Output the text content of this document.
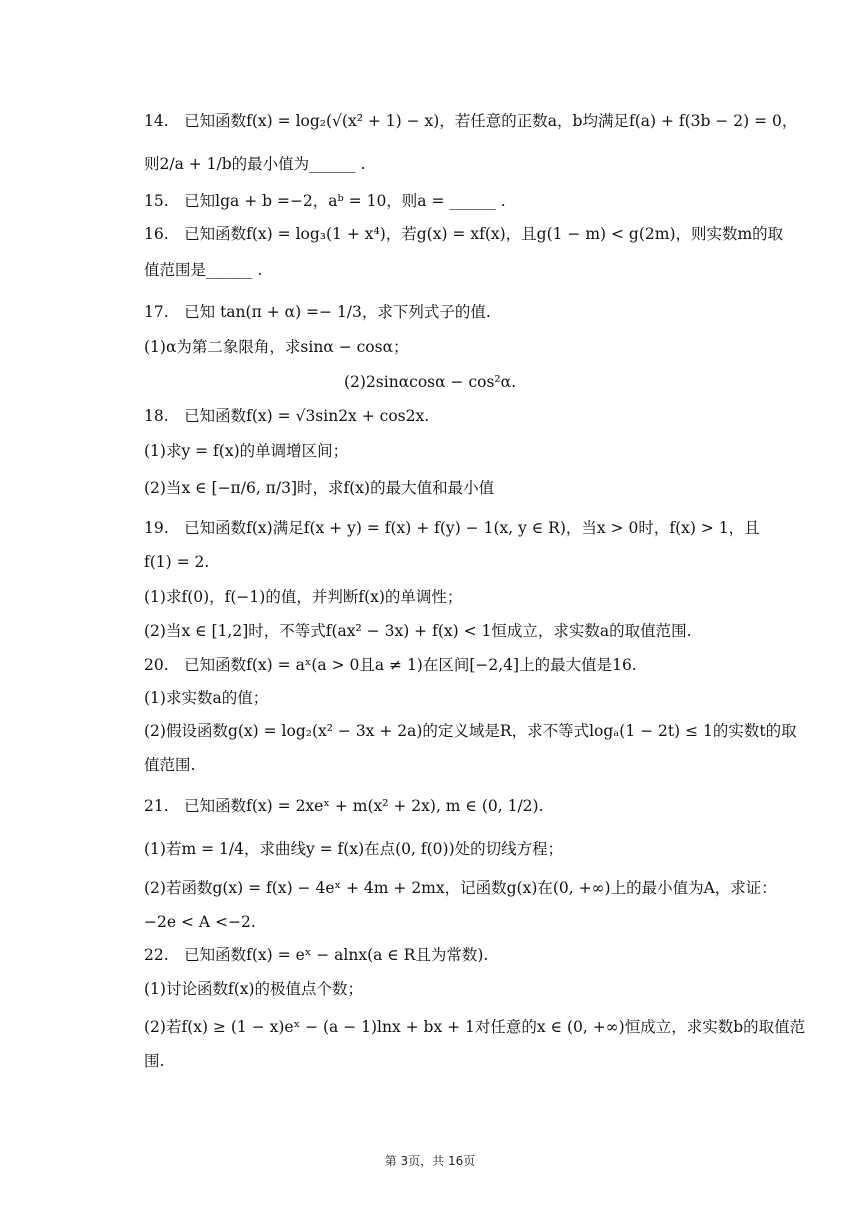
14.　已知函数f(x) = log₂(√(x² + 1) − x)，若任意的正数a，b均满足f(a) + f(3b − 2) = 0，
则2/a + 1/b的最小值为______ .
15.　已知lga + b =−2，aᵇ = 10，则a = ______ .
16.　已知函数f(x) = log₃(1 + x⁴)，若g(x) = xf(x)，且g(1 − m) < g(2m)，则实数m的取
值范围是______ .
17.　已知 tan(π + α) =− 1/3，求下列式子的值.
(1)α为第二象限角，求sinα − cosα；
(2)2sinαcosα − cos²α.
18.　已知函数f(x) = √3sin2x + cos2x.
(1)求y = f(x)的单调增区间；
(2)当x ∈ [−π/6, π/3]时，求f(x)的最大值和最小值
19.　已知函数f(x)满足f(x + y) = f(x) + f(y) − 1(x, y ∈ R)，当x > 0时，f(x) > 1，且
f(1) = 2.
(1)求f(0)，f(−1)的值，并判断f(x)的单调性；
(2)当x ∈ [1,2]时，不等式f(ax² − 3x) + f(x) < 1恒成立，求实数a的取值范围.
20.　已知函数f(x) = aˣ(a > 0且a ≠ 1)在区间[−2,4]上的最大值是16.
(1)求实数a的值；
(2)假设函数g(x) = log₂(x² − 3x + 2a)的定义域是R，求不等式logₐ(1 − 2t) ≤ 1的实数t的取
值范围.
21.　已知函数f(x) = 2xeˣ + m(x² + 2x), m ∈ (0, 1/2).
(1)若m = 1/4，求曲线y = f(x)在点(0, f(0))处的切线方程；
(2)若函数g(x) = f(x) − 4eˣ + 4m + 2mx，记函数g(x)在(0, +∞)上的最小值为A，求证：
−2e < A <−2.
22.　已知函数f(x) = eˣ − alnx(a ∈ R且为常数).
(1)讨论函数f(x)的极值点个数；
(2)若f(x) ≥ (1 − x)eˣ − (a − 1)lnx + bx + 1对任意的x ∈ (0, +∞)恒成立，求实数b的取值范
围.
第 3页，共 16页
